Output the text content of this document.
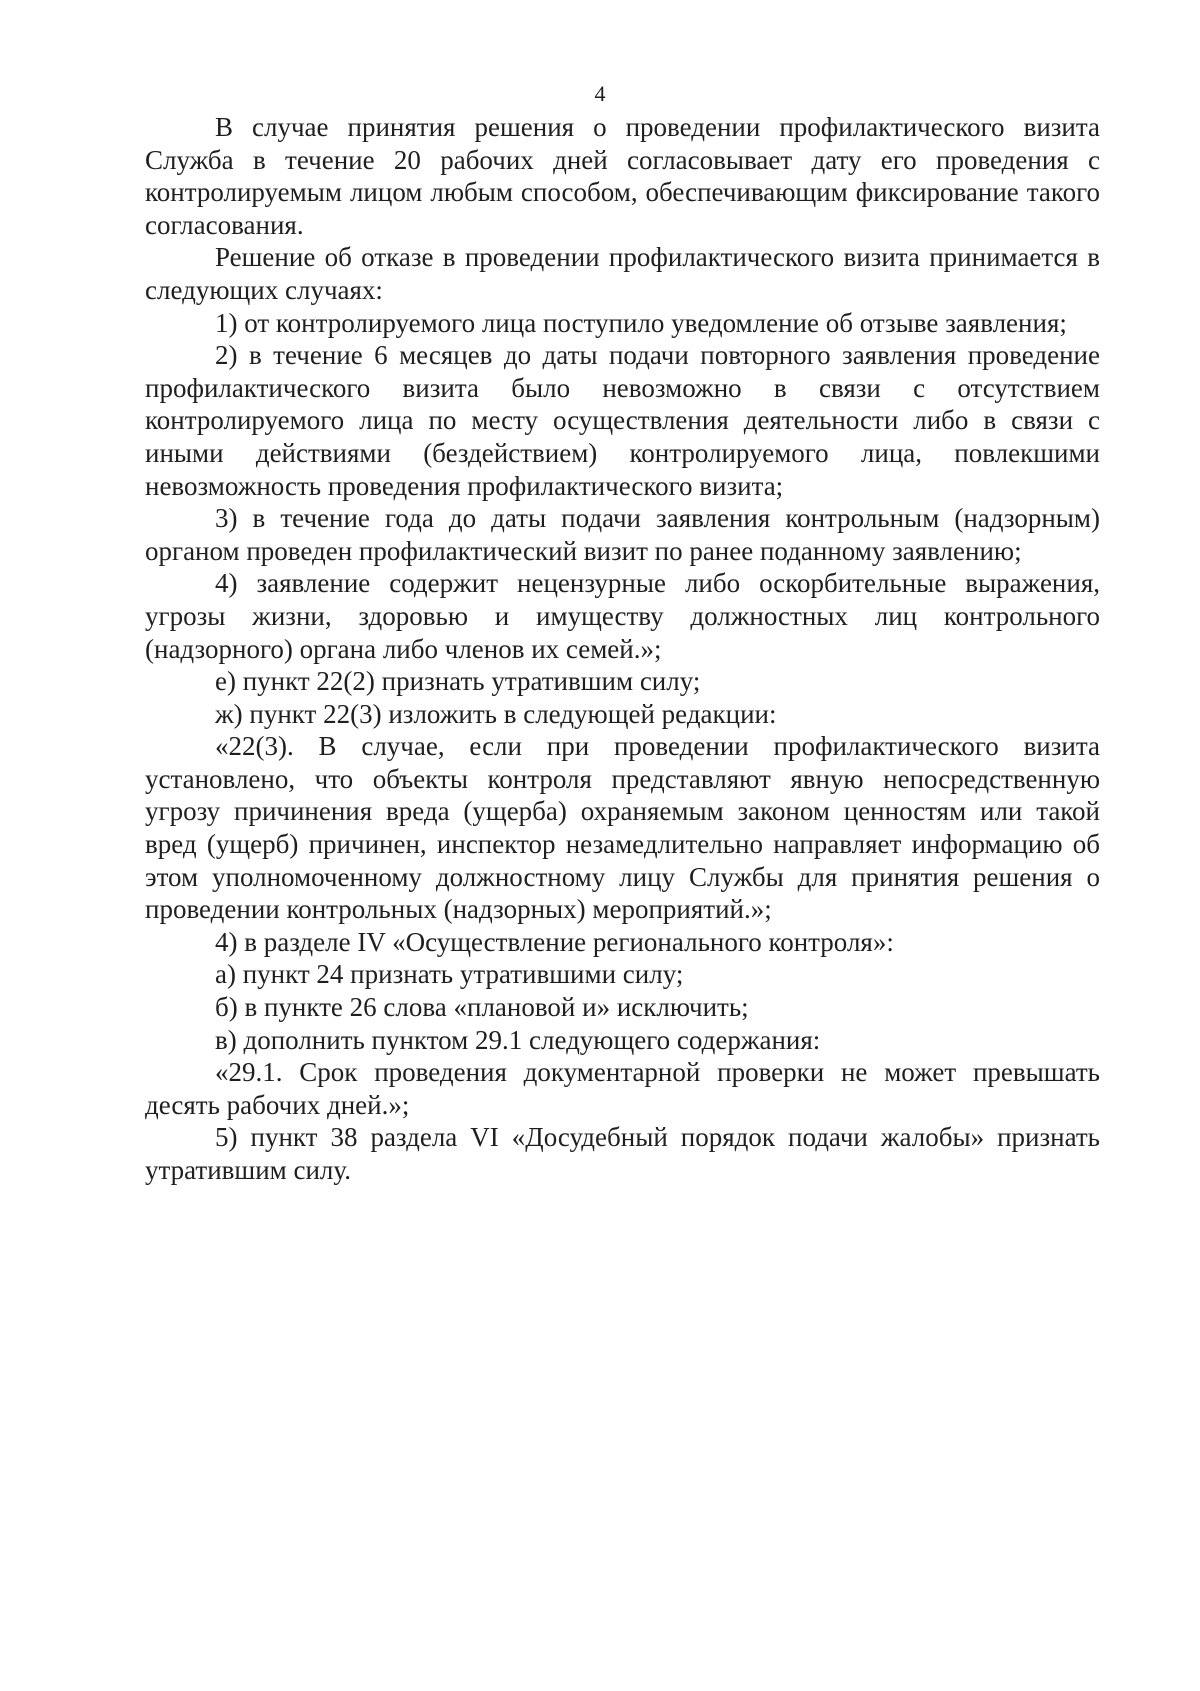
4

В случае принятия решения о проведении профилактического визита Служба в течение 20 рабочих дней согласовывает дату его проведения с контролируемым лицом любым способом, обеспечивающим фиксирование такого согласования.

Решение об отказе в проведении профилактического визита принимается в следующих случаях:

1) от контролируемого лица поступило уведомление об отзыве заявления;

2) в течение 6 месяцев до даты подачи повторного заявления проведение профилактического визита было невозможно в связи с отсутствием контролируемого лица по месту осуществления деятельности либо в связи с иными действиями (бездействием) контролируемого лица, повлекшими невозможность проведения профилактического визита;

3) в течение года до даты подачи заявления контрольным (надзорным) органом проведен профилактический визит по ранее поданному заявлению;

4) заявление содержит нецензурные либо оскорбительные выражения, угрозы жизни, здоровью и имуществу должностных лиц контрольного (надзорного) органа либо членов их семей.»;

е) пункт 22(2) признать утратившим силу;

ж) пункт 22(3) изложить в следующей редакции:

«22(3). В случае, если при проведении профилактического визита установлено, что объекты контроля представляют явную непосредственную угрозу причинения вреда (ущерба) охраняемым законом ценностям или такой вред (ущерб) причинен, инспектор незамедлительно направляет информацию об этом уполномоченному должностному лицу Службы для принятия решения о проведении контрольных (надзорных) мероприятий.»;

4) в разделе IV «Осуществление регионального контроля»:

а) пункт 24 признать утратившими силу;

б) в пункте 26 слова «плановой и» исключить;

в) дополнить пунктом 29.1 следующего содержания:

«29.1. Срок проведения документарной проверки не может превышать десять рабочих дней.»;

5) пункт 38 раздела VI «Досудебный порядок подачи жалобы» признать утратившим силу.
